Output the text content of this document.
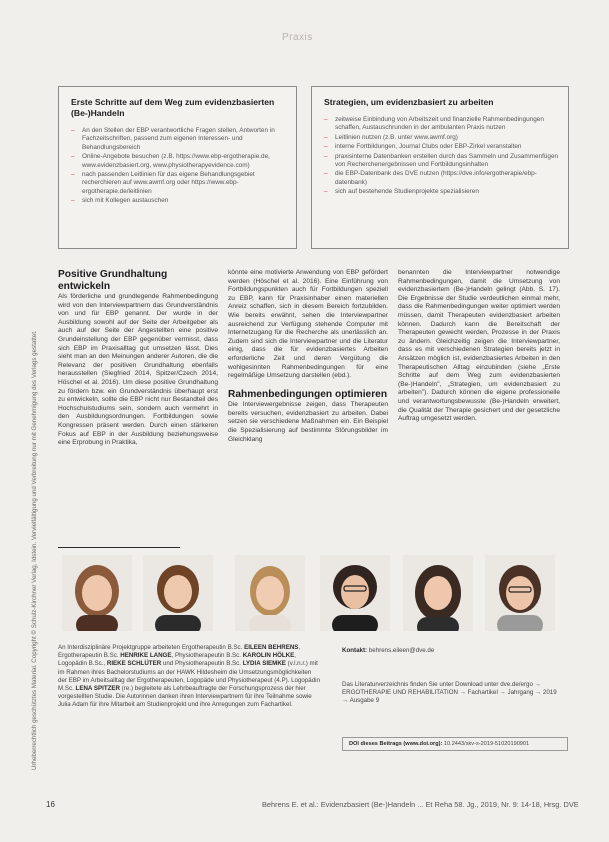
Praxis
Urheberrechtlich geschütztes Material. Copyright © Schulz-Kirchner Verlag, Idstein. Vervielfältigung und Verbreitung nur mit Genehmigung des Verlags gestattet.
Erste Schritte auf dem Weg zum evidenzbasierten (Be-)Handeln
– An den Stellen der EBP verantwortliche Fragen stellen, Antworten in Fachzeitschriften, passend zum eigenen Interessen- und Behandlungsbereich
– Online-Angebote besuchen (z.B. https://www.ebp-ergotherapie.de, www.evidenzbasiert.org, www.physiotherapyevidence.com)
– nach passenden Leitlinien für das eigene Behandlungsgebiet recherchieren auf www.awmf.org oder https://www.ebp-ergotherapie.de/leitlinien
– sich mit Kollegen austauschen
Strategien, um evidenzbasiert zu arbeiten
– zeitweise Einbindung von Arbeitszeit und finanzielle Rahmenbedingungen schaffen, Austauschrunden in der ambulanten Praxis nutzen
– Leitlinien nutzen (z.B. unter www.awmf.org)
– interne Fortbildungen, Journal Clubs oder EBP-Zirkel veranstalten
– praxisinterne Datenbanken erstellen durch das Sammeln und Zusammenfügen von Recherchenergebnissen und Fortbildungsinhalten
– die EBP-Datenbank des DVE nutzen (https://dve.info/ergotherapie/ebp-datenbank)
– sich auf bestehende Studienprojekte spezialisieren
Positive Grundhaltung entwickeln

Als förderliche und grundlegende Rahmenbedingung wird von den Interviewpartnern das Grundverständnis von und für EBP genannt. Der wurde in der Ausbildung sowohl auf der Seite der Arbeitgeber als auch auf der Seite der Angestellten eine positive Grundeinstellung der EBP gegenüber vermisst, dass sich EBP im Praxisalltag gut umsetzen lässt. Dies sieht man an den Meinungen anderer Autoren, die die Relevanz der positiven Grundhaltung ebenfalls herausstellen (Siegfried 2014, Spitzer/Czech 2014, Höschel et al. 2016). Um diese positive Grundhaltung zu fördern bzw. ein Grundverständnis überhaupt erst zu entwickeln, sollte die EBP nicht nur Bestandteil des Hochschulstudiums sein, sondern auch vermehrt in den Ausbildungsordnungen. Fortbildungen sowie Kongressen präsent werden. Durch einen stärkeren Fokus auf EBP in der Ausbildung beziehungsweise eine Erprobung in Praktika,

könnte eine motivierte Anwendung von EBP gefördert werden (Höschel et al. 2016). Eine Einführung von Fortbildungspunkten auch für Fortbildungen speziell zu EBP, kann für Praxisinhaber einen materiellen Anreiz schaffen, sich in diesem Bereich fortzubilden. Wie bereits erwähnt, sehen die Interviewpartner ausreichend zur Verfügung stehende Computer mit Internetzugang für die Recherche als unerlässlich an. Zudem sind sich die Interviewpartner und die Literatur einig, dass die für evidenzbasiertes Arbeiten erforderliche Zeit und deren Vergütung die wohlgesinnten Rahmenbedingungen für eine regelmäßige Umsetzung darstellen (ebd.).

Rahmenbedingungen optimieren

Die Interviewergebnisse zeigen, dass Therapeuten bereits versuchen, evidenzbasiert zu arbeiten. Dabei setzen sie verschiedene Maßnahmen ein. Ein Beispiel die Spezialisierung auf bestimmte Störungsbilder im Gleichklang

benannten die Interviewpartner notwendige Rahmenbedingungen, damit die Umsetzung von evidenzbasiertem (Be-)Handeln gelingt (Abb. S. 17). Die Ergebnisse der Studie verdeutlichen einmal mehr, dass die Rahmenbedingungen weiter optimiert werden müssen, damit Therapeuten evidenzbasiert arbeiten können. Dadurch kann die Bereitschaft der Therapeuten gewecht werden, Prozesse in der Praxis zu ändern. Gleichzeitig zeigen die Interviewpartner, dass es mit verschiedenen Strategien bereits jetzt in Ansätzen möglich ist, evidenzbasiertes Arbeiten in den Therapeutischen Alltag einzubinden (siehe „Erste Schritte auf dem Weg zum evidenzbasierten (Be-)Handeln", „Strategien, um evidenzbasiert zu arbeiten"). Dadurch können die eigene professionelle und verantwortungsbewusste (Be-)Handeln erweitert, die Qualität der Therapie gesichert und der gesetzliche Auftrag umgesetzt werden.

An Interdisziplinäre Projektgruppe arbeiteten Ergotherapeutin B.Sc. EILEEN BEHRENS, Ergotherapeutin B.Sc. HENRIKE LANGE, Physiotherapeutin B.Sc. KAROLIN HÖLKE, Logopädin B.Sc., RIEKE SCHLÜTER und Physiotherapeutin B.Sc. LYDIA SIEMKE (v.l.n.r.) mit im Rahmen ihres Bachelorstudiums an der HAWK Hildesheim die Umsetzungsmöglichkeiten der EBP im Arbeitsalltag der Ergotherapeuten, Logopäde und Physiotherapeut (4.P). Logopädin M.Sc. LENA SPITZER (re.) begleitete als Lehrbeauftragte der Forschungsprozess der hier vorgestellten Studie. Die Autorinnen danken ihren Interviewpartnern für ihre Teilnahme sowie Julia Adam für ihre Mitarbeit am Studienprojekt und ihre Anregungen zum Fachartikel.
Kontakt: behrens.eileen@dve.de
Das Literaturverzeichnis finden Sie unter Download unter dve.de/ergo → ERGOTHERAPIE UND REHABILITATION → Fachartikel → Jahrgang → 2019 → Ausgabe 9
DOI dieses Beitrags (www.doi.org): 10.2443/skv-s-2019-51020190901
16	Behrens E. et al.: Evidenzbasiert (Be-)Handeln ... Et Reha 58. Jg., 2019, Nr. 9: 14-18, Hrsg. DVE
